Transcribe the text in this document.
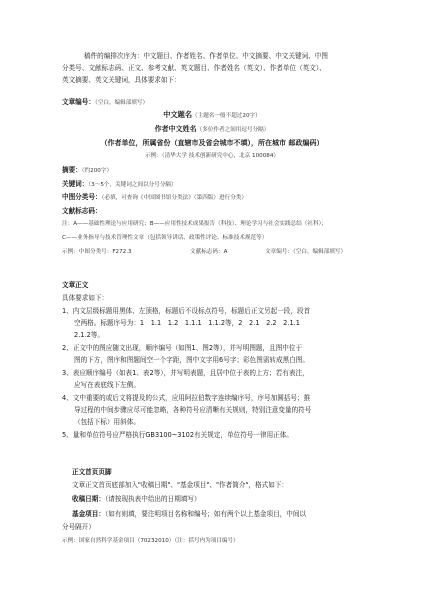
稿件的编排次序为：中文题目、作者姓名、作者单位、中文摘要、中文关键词、中图
分类号、文献标志码、正文、参考文献、英文题目、作者姓名（英文）、作者单位（英文）、
英文摘要、英文关键词，具体要求如下：
文章编号：（空白，编辑部填写）
中文题名（主题名一般不超过20字）
作者中文姓名（多位作者之间用逗号分隔）
（作者单位，所属省份（直辖市及省会城市不填），所在城市 邮政编码）
示例：（清华大学 技术创新研究中心，北京 100084）
摘要：（约200字）
关键词：（3～5个，关键词之间以分号分隔）
中图分类号：（必填，可查询《中国图书馆分类法》（第四版）进行分类）
文献标志码：
注：A——基础性理论与应用研究；B——应用性技术成果报告（科技）、理论学习与社会实践总结（社科）；
C——业务指导与技术管理性文章（包括领导讲话、政策性评论、标准技术规范等）
示例：中图分类号：F272.3	文献标志码：A	文章编号：（空白，编辑部填写）
文章正文
具体要求如下：
1、内文层级标题用黑体、左顶格，标题后不设标点符号，标题后正文另起一段，段首
空两格。标题序号为：1　1.1　1.2　1.1.1　1.1.2等，2　2.1　2.2　2.1.1
2.1.2等。
2、正文中的图应随文出现，顺序编号（如图1、图2等），并写明图题，且图中位于
图的下方，图序和图题间空一个字距，图中文字用6号字；彩色图需转成黑白图。
3、表应顺序编号（如表1、表2等），并写明表题，且居中位于表的上方；若有表注，
应写在表底线下左侧。
4、文中重要的或后文将提及的公式，应用阿拉伯数字连续编序号，序号加圆括号；推
导过程的中间步骤应尽可能忽略，各种符号应清晰有关规则，特别注意变量的符号
（包括下标）用斜体。
5、量和单位符号应严格执行GB3100~3102有关规定，单位符号一律用正体。
正文首页页脚
文章正文首页底部加入"收稿日期"、"基金项目"、"作者简介"，格式如下：
收稿日期：（请按现执表中给出的日期填写）
基金项目：（如有则填，要注明项目名称和编号；如有两个以上基金项目，中间以
分号隔开）
示例：国家自然科学基金项目（70232010）（注：括号内为项目编号）
